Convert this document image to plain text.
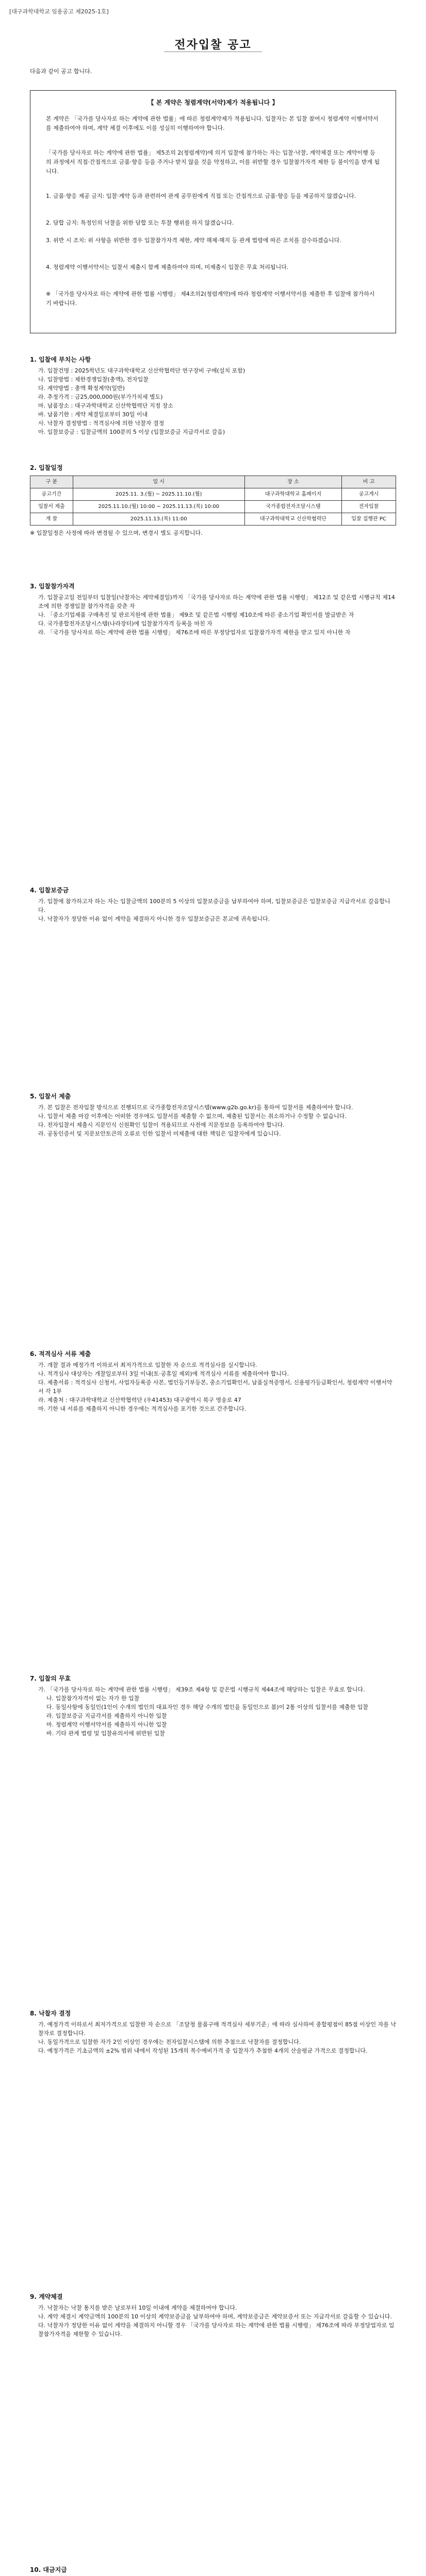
[대구과학대학교 임용공고 제2025-1호]
전자입찰 공고
다음과 같이 공고 합니다.
【 본 계약은 청렴계약(서약)제가 적용됩니다 】
본 계약은 「국가를 당사자로 하는 계약에 관한 법률」에 따른 청렴계약제가 적용됩니다. 입찰자는 본 입찰 참여시 청렴계약 이행서약서를 제출하여야 하며, 계약 체결 이후에도 이를 성실히 이행하여야 합니다.
「국가를 당사자로 하는 계약에 관한 법률」 제5조의 2(청렴계약)에 의거 입찰에 참가하는 자는 입찰·낙찰, 계약체결 또는 계약이행 등의 과정에서 직접·간접적으로 금품·향응 등을 주거나 받지 않을 것을 약정하고, 이를 위반할 경우 입찰참가자격 제한 등 불이익을 받게 됩니다.
1. 금품·향응 제공 금지: 입찰·계약 등과 관련하여 관계 공무원에게 직접 또는 간접적으로 금품·향응 등을 제공하지 않겠습니다.
2. 담합 금지: 특정인의 낙찰을 위한 담합 또는 투찰 행위를 하지 않겠습니다.
3. 위반 시 조치: 위 사항을 위반한 경우 입찰참가자격 제한, 계약 해제·해지 등 관계 법령에 따른 조치를 감수하겠습니다.
4. 청렴계약 이행서약서는 입찰서 제출시 함께 제출하여야 하며, 미제출시 입찰은 무효 처리됩니다.
※ 「국가를 당사자로 하는 계약에 관한 법률 시행령」 제4조의2(청렴계약)에 따라 청렴계약 이행서약서를 제출한 후 입찰에 참가하시기 바랍니다.
1. 입찰에 부치는 사항

가. 입찰건명 : 2025학년도 대구과학대학교 신산학협력단 연구장비 구매(설치 포함)

나. 입찰방법 : 제한경쟁입찰(총액), 전자입찰

다. 계약방법 : 총액 확정계약(일반)

라. 추정가격 : 금25,000,000원(부가가치세 별도)

마. 납품장소 : 대구과학대학교 신산학협력단 지정 장소

바. 납품기한 : 계약 체결일로부터 30일 이내

사. 낙찰자 결정방법 : 적격심사에 의한 낙찰자 결정

아. 입찰보증금 : 입찰금액의 100분의 5 이상 (입찰보증금 지급각서로 갈음)

2. 입찰일정
구 분	일 시	장 소	비 고
공고기간	2025.11. 3.(월) ~ 2025.11.10.(월)	대구과학대학교 홈페이지	공고게시
입찰서 제출	2025.11.10.(월) 10:00 ~ 2025.11.13.(목) 10:00	국가종합전자조달시스템	전자입찰
개 찰	2025.11.13.(목) 11:00	대구과학대학교 신산학협력단	입찰 집행관 PC

※ 입찰일정은 사정에 따라 변경될 수 있으며, 변경시 별도 공지합니다.

3. 입찰참가자격

가. 입찰공고일 전일부터 입찰일(낙찰자는 계약체결일)까지 「국가를 당사자로 하는 계약에 관한 법률 시행령」 제12조 및 같은법 시행규칙 제14조에 의한 경쟁입찰 참가자격을 갖춘 자

나. 「중소기업제품 구매촉진 및 판로지원에 관한 법률」 제9조 및 같은법 시행령 제10조에 따른 중소기업 확인서를 발급받은 자

다. 국가종합전자조달시스템(나라장터)에 입찰참가자격 등록을 마친 자

라. 「국가를 당사자로 하는 계약에 관한 법률 시행령」 제76조에 따른 부정당업자로 입찰참가자격 제한을 받고 있지 아니한 자

4. 입찰보증금

가. 입찰에 참가하고자 하는 자는 입찰금액의 100분의 5 이상의 입찰보증금을 납부하여야 하며, 입찰보증금은 입찰보증금 지급각서로 갈음합니다.

나. 낙찰자가 정당한 이유 없이 계약을 체결하지 아니한 경우 입찰보증금은 본교에 귀속됩니다.

5. 입찰서 제출

가. 본 입찰은 전자입찰 방식으로 진행되므로 국가종합전자조달시스템(www.g2b.go.kr)을 통하여 입찰서를 제출하여야 합니다.

나. 입찰서 제출 마감 이후에는 어떠한 경우에도 입찰서를 제출할 수 없으며, 제출된 입찰서는 취소하거나 수정할 수 없습니다.

다. 전자입찰서 제출시 지문인식 신원확인 입찰이 적용되므로 사전에 지문정보를 등록하여야 합니다.

라. 공동인증서 및 지문보안토큰의 오류로 인한 입찰서 미제출에 대한 책임은 입찰자에게 있습니다.

6. 적격심사 서류 제출

가. 개찰 결과 예정가격 이하로서 최저가격으로 입찰한 자 순으로 적격심사를 실시합니다.

나. 적격심사 대상자는 개찰일로부터 3일 이내(토·공휴일 제외)에 적격심사 서류를 제출하여야 합니다.

다. 제출서류 : 적격심사 신청서, 사업자등록증 사본, 법인등기부등본, 중소기업확인서, 납품실적증명서, 신용평가등급확인서, 청렴계약 이행서약서 각 1부

라. 제출처 : 대구과학대학교 신산학협력단 (우41453) 대구광역시 북구 영송로 47

마. 기한 내 서류를 제출하지 아니한 경우에는 적격심사를 포기한 것으로 간주합니다.

7. 입찰의 무효

가. 「국가를 당사자로 하는 계약에 관한 법률 시행령」 제39조 제4항 및 같은법 시행규칙 제44조에 해당하는 입찰은 무효로 합니다.

나. 입찰참가자격이 없는 자가 한 입찰

다. 동일사항에 동일인(1인이 수개의 법인의 대표자인 경우 해당 수개의 법인을 동일인으로 봄)이 2통 이상의 입찰서를 제출한 입찰

라. 입찰보증금 지급각서를 제출하지 아니한 입찰

마. 청렴계약 이행서약서를 제출하지 아니한 입찰

바. 기타 관계 법령 및 입찰유의서에 위반된 입찰

8. 낙찰자 결정

가. 예정가격 이하로서 최저가격으로 입찰한 자 순으로 「조달청 물품구매 적격심사 세부기준」에 따라 심사하여 종합평점이 85점 이상인 자를 낙찰자로 결정합니다.

나. 동일가격으로 입찰한 자가 2인 이상인 경우에는 전자입찰시스템에 의한 추첨으로 낙찰자를 결정합니다.

다. 예정가격은 기초금액의 ±2% 범위 내에서 작성된 15개의 복수예비가격 중 입찰자가 추첨한 4개의 산술평균 가격으로 결정합니다.

9. 계약체결

가. 낙찰자는 낙찰 통지를 받은 날로부터 10일 이내에 계약을 체결하여야 합니다.

나. 계약 체결시 계약금액의 100분의 10 이상의 계약보증금을 납부하여야 하며, 계약보증금은 계약보증서 또는 지급각서로 갈음할 수 있습니다.

다. 낙찰자가 정당한 이유 없이 계약을 체결하지 아니할 경우 「국가를 당사자로 하는 계약에 관한 법률 시행령」 제76조에 따라 부정당업자로 입찰참가자격을 제한할 수 있습니다.

10. 대금지급
